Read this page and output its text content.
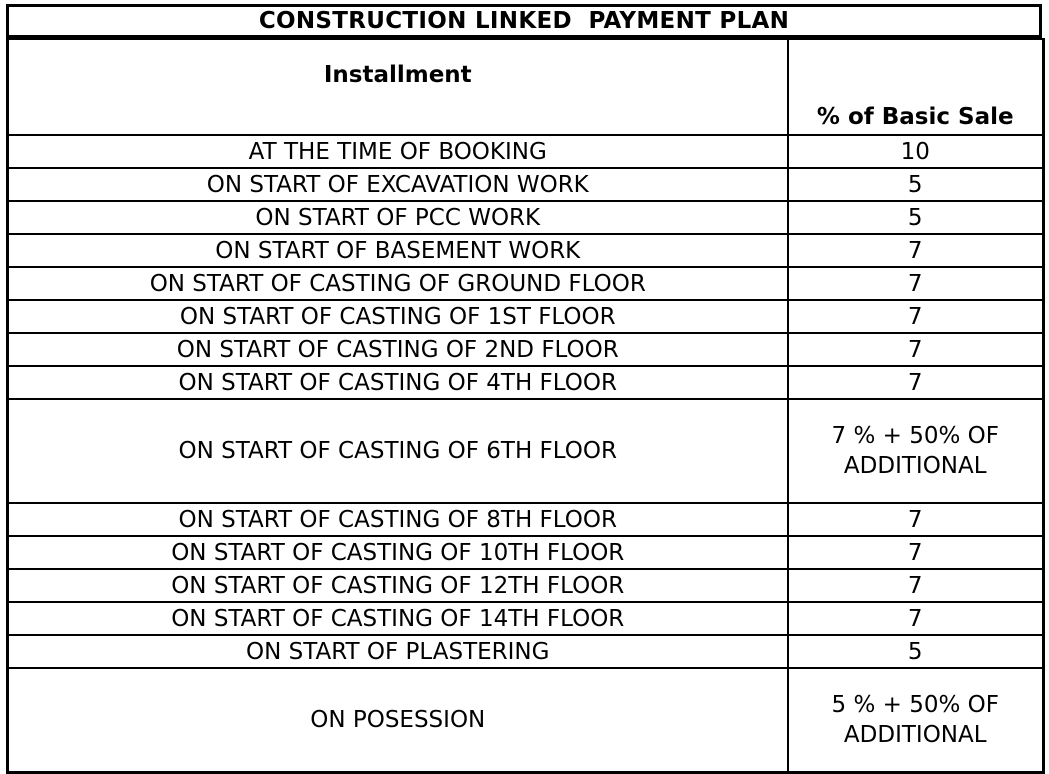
CONSTRUCTION LINKED  PAYMENT PLAN
Installment	% of Basic Sale
AT THE TIME OF BOOKING	10
ON START OF EXCAVATION WORK	5
ON START OF PCC WORK	5
ON START OF BASEMENT WORK	7
ON START OF CASTING OF GROUND FLOOR	7
ON START OF CASTING OF 1ST FLOOR	7
ON START OF CASTING OF 2ND FLOOR	7
ON START OF CASTING OF 4TH FLOOR	7
ON START OF CASTING OF 6TH FLOOR	7 % + 50% OF
ADDITIONAL
ON START OF CASTING OF 8TH FLOOR	7
ON START OF CASTING OF 10TH FLOOR	7
ON START OF CASTING OF 12TH FLOOR	7
ON START OF CASTING OF 14TH FLOOR	7
ON START OF PLASTERING	5
ON POSESSION	5 % + 50% OF
ADDITIONAL
